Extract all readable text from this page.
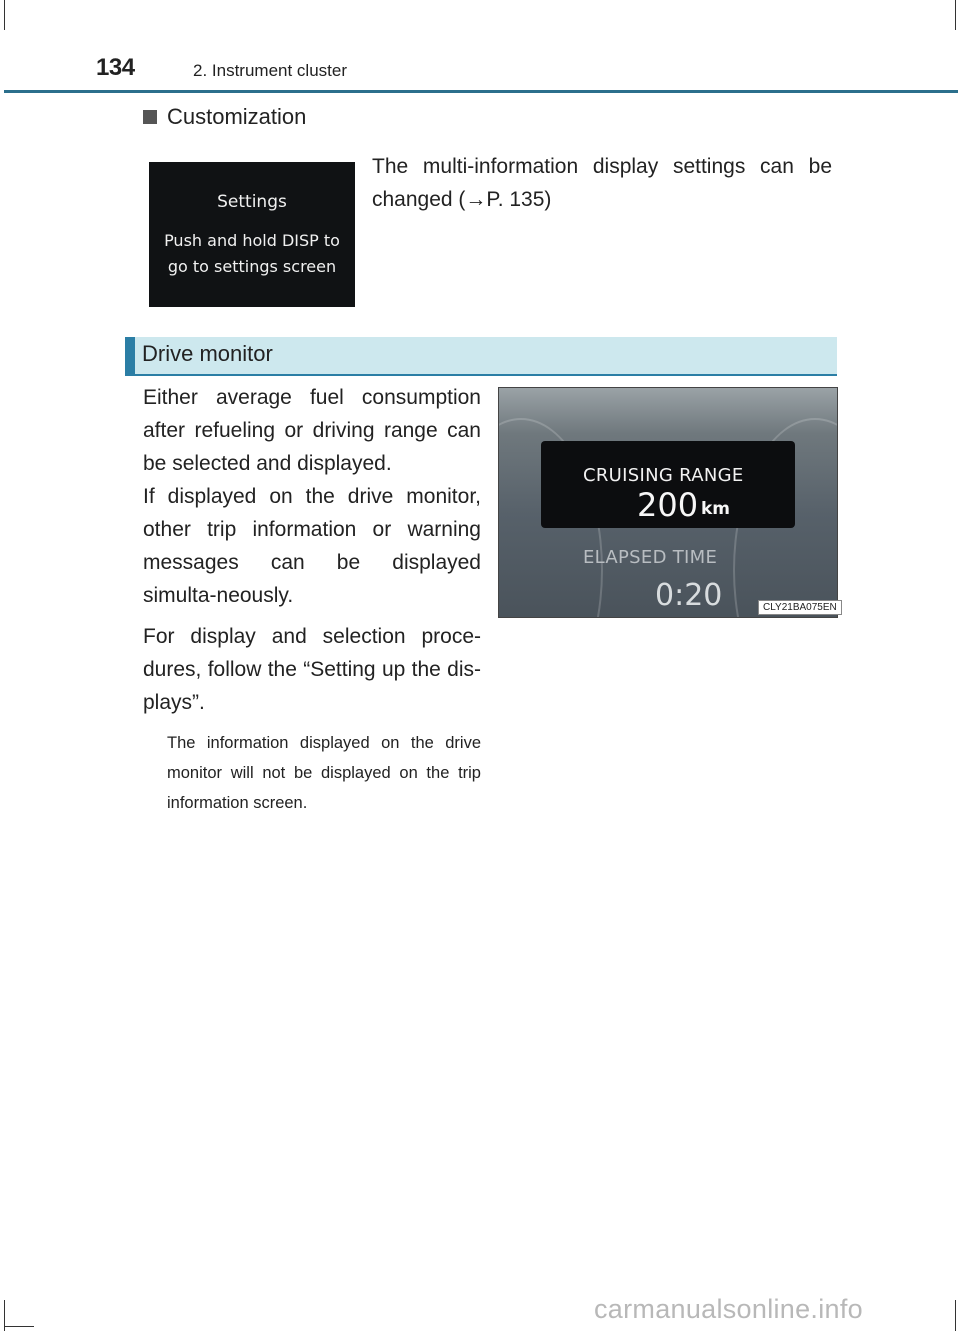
134	2. Instrument cluster
Customization
Settings
Push and hold DISP to go to settings screen
The multi-information display settings can be changed (→P. 135)
Drive monitor
Either average fuel consumption after refueling or driving range can be selected and displayed.
If displayed on the drive monitor, other trip information or warning messages can be displayed simulta-neously.
For display and selection proce-dures, follow the “Setting up the dis-plays”.
The information displayed on the drive monitor will not be displayed on the trip information screen.
CRUISING RANGE
200 km
ELAPSED TIME
0:20	CLY21BA075EN
carmanualsonline.info
